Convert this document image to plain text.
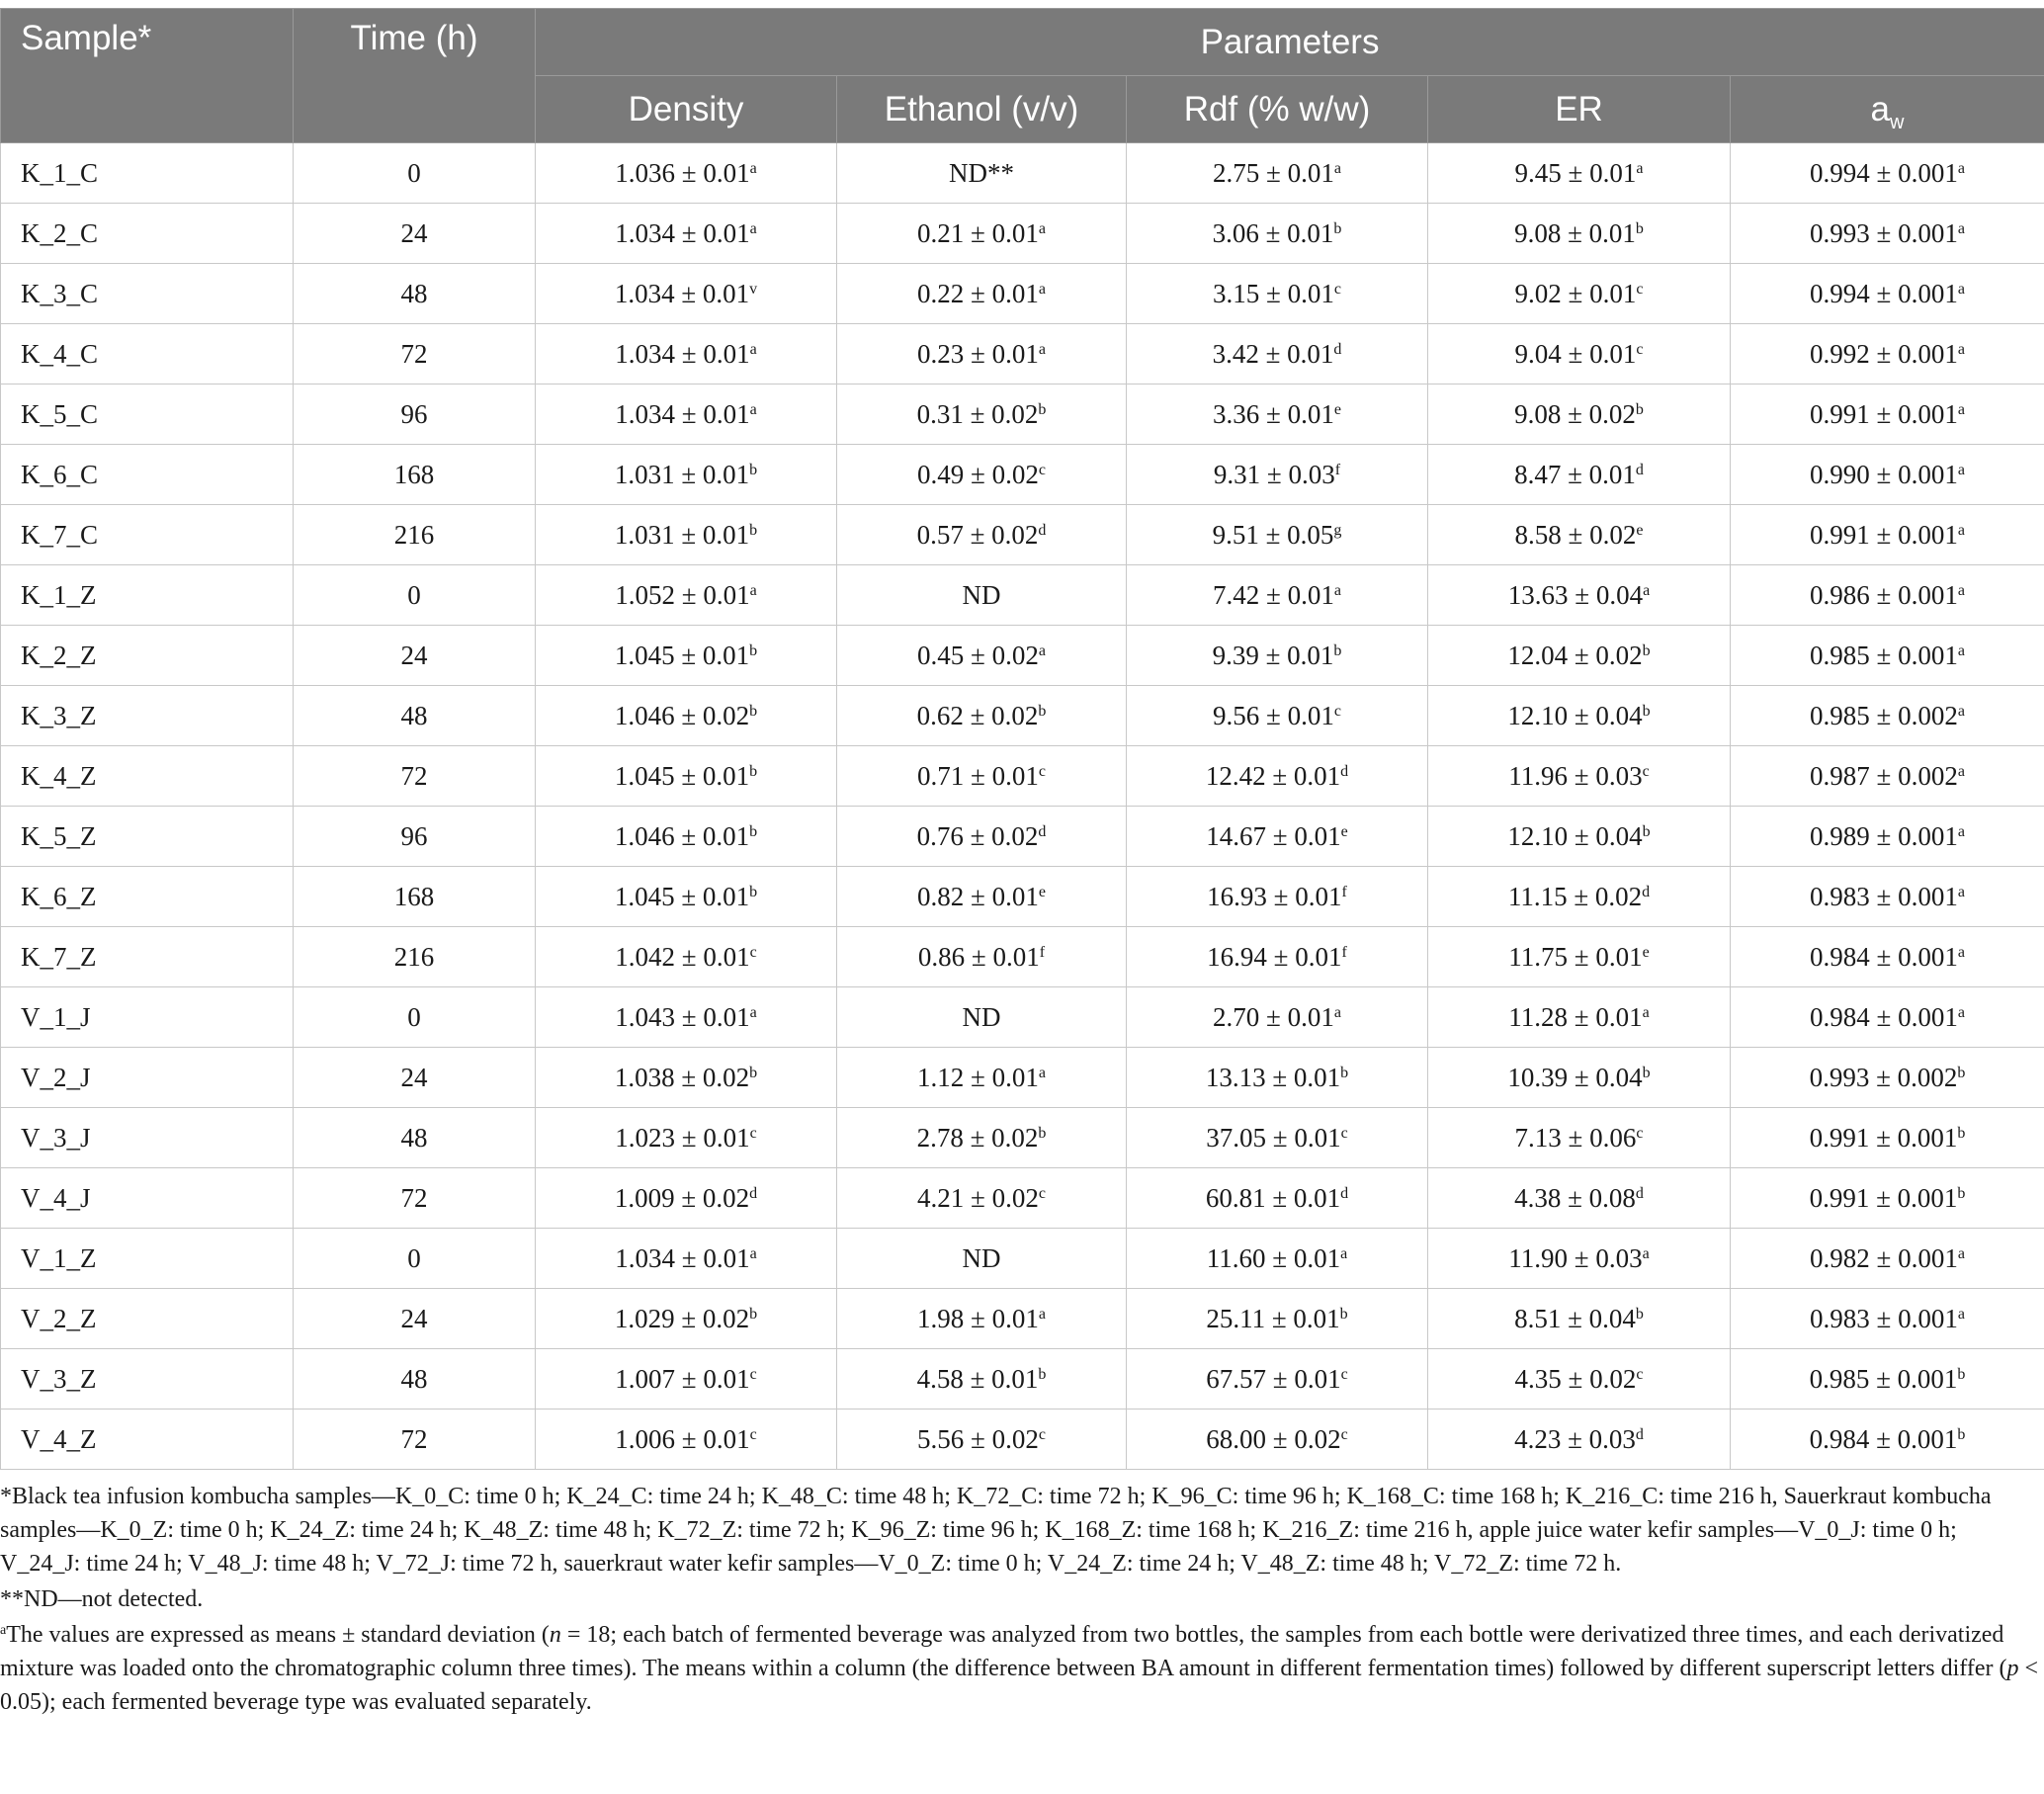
Sample*	Time (h)	Parameters				
		Density	Ethanol (v/v)	Rdf (% w/w)	ER	$a_w$
K_1_C	0	1.036 ± 0.01$^a$	ND**	2.75 ± 0.01$^a$	9.45 ± 0.01$^a$	0.994 ± 0.001$^a$
K_2_C	24	1.034 ± 0.01$^a$	0.21 ± 0.01$^a$	3.06 ± 0.01$^b$	9.08 ± 0.01$^b$	0.993 ± 0.001$^a$
K_3_C	48	$1.034 \pm 0.01^v$	0.22 ± 0.01$^a$	3.15 ± 0.01$^c$	9.02 ± 0.01$^c$	0.994 ± 0.001$^a$
K_4_C	72	1.034 ± 0.01$^a$	0.23 ± 0.01$^a$	3.42 ± 0.01$^d$	9.04 ± 0.01$^c$	0.992 ± 0.001$^a$
K_5_C	96	1.034 ± 0.01$^a$	0.31 ± 0.02$^b$	3.36 ± 0.01$^e$	9.08 ± 0.02$^b$	0.991 ± 0.001$^a$
K_6_C	168	1.031 ± 0.01$^b$	0.49 ± 0.02$^c$	9.31 ± 0.03$^f$	8.47 ± 0.01$^d$	0.990 ± 0.001$^a$
K_7_C	216	1.031 ± 0.01$^b$	0.57 ± 0.02$^d$	9.51 ± 0.05$^g$	8.58 ± 0.02$^e$	0.991 ± 0.001$^a$
K_1_Z	0	1.052 ± 0.01$^a$	ND	7.42 ± 0.01$^a$	13.63 ± 0.04$^a$	0.986 ± 0.001$^a$
K_2_Z	24	1.045 ± 0.01$^b$	0.45 ± 0.02$^a$	9.39 ± 0.01$^b$	12.04 ± 0.02$^b$	0.985 ± 0.001$^a$
K_3_Z	48	1.046 ± 0.02$^b$	0.62 ± 0.02$^b$	9.56 ± 0.01$^c$	12.10 ± 0.04$^b$	0.985 ± 0.002$^a$
K_4_Z	72	1.045 ± 0.01$^b$	0.71 ± 0.01$^c$	12.42 ± 0.01$^d$	11.96 ± 0.03$^c$	0.987 ± 0.002$^a$
K_5_Z	96	1.046 ± 0.01$^b$	0.76 ± 0.02$^d$	14.67 ± 0.01$^e$	12.10 ± 0.04$^b$	0.989 ± 0.001$^a$
K_6_Z	168	1.045 ± 0.01$^b$	0.82 ± 0.01$^e$	16.93 ± 0.01$^f$	11.15 ± 0.02$^d$	0.983 ± 0.001$^a$
K_7_Z	216	1.042 ± 0.01$^c$	0.86 ± 0.01$^f$	16.94 ± 0.01$^f$	11.75 ± 0.01$^e$	0.984 ± 0.001$^a$
V_1_J	0	1.043 ± 0.01$^a$	ND	2.70 ± 0.01$^a$	11.28 ± 0.01$^a$	0.984 ± 0.001$^a$
V_2_J	24	1.038 ± 0.02$^b$	1.12 ± 0.01$^a$	13.13 ± 0.01$^b$	10.39 ± 0.04$^b$	0.993 ± 0.002$^b$
V_3_J	48	1.023 ± 0.01$^c$	2.78 ± 0.02$^b$	37.05 ± 0.01$^c$	7.13 ± 0.06$^c$	0.991 ± 0.001$^b$
V_4_J	72	1.009 ± 0.02$^d$	4.21 ± 0.02$^c$	60.81 ± 0.01$^d$	4.38 ± 0.08$^d$	0.991 ± 0.001$^b$
V_1_Z	0	1.034 ± 0.01$^a$	ND	11.60 ± 0.01$^a$	11.90 ± 0.03$^a$	0.982 ± 0.001$^a$
V_2_Z	24	1.029 ± 0.02$^b$	1.98 ± 0.01$^a$	25.11 ± 0.01$^b$	8.51 ± 0.04$^b$	0.983 ± 0.001$^a$
V_3_Z	48	1.007 ± 0.01$^c$	4.58 ± 0.01$^b$	67.57 ± 0.01$^c$	4.35 ± 0.02$^c$	0.985 ± 0.001$^b$
V_4_Z	72	1.006 ± 0.01$^c$	5.56 ± 0.02$^c$	68.00 ± 0.02$^c$	4.23 ± 0.03$^d$	0.984 ± 0.001$^b$

*Black tea infusion kombucha samples—K_0_C: time 0 h; K_24_C: time 24 h; K_48_C: time 48 h; K_72_C: time 72 h; K_96_C: time 96 h; K_168_C: time 168 h; K_216_C: time 216 h, Sauerkraut kombucha samples—K_0_Z: time 0 h; K_24_Z: time 24 h; K_48_Z: time 48 h; K_72_Z: time 72 h; K_96_Z: time 96 h; K_168_Z: time 168 h; K_216_Z: time 216 h, apple juice water kefir samples—V_0_J: time 0 h; V_24_J: time 24 h; V_48_J: time 48 h; V_72_J: time 72 h, sauerkraut water kefir samples—V_0_Z: time 0 h; V_24_Z: time 24 h; V_48_Z: time 48 h; V_72_Z: time 72 h.

**ND—not detected.

$^a$The values are expressed as means ± standard deviation (n = 18; each batch of fermented beverage was analyzed from two bottles, the samples from each bottle were derivatized three times, and each derivatized mixture was loaded onto the chromatographic column three times). The means within a column (the difference between BA amount in different fermentation times) followed by different superscript letters differ (p < 0.05); each fermented beverage type was evaluated separately.
